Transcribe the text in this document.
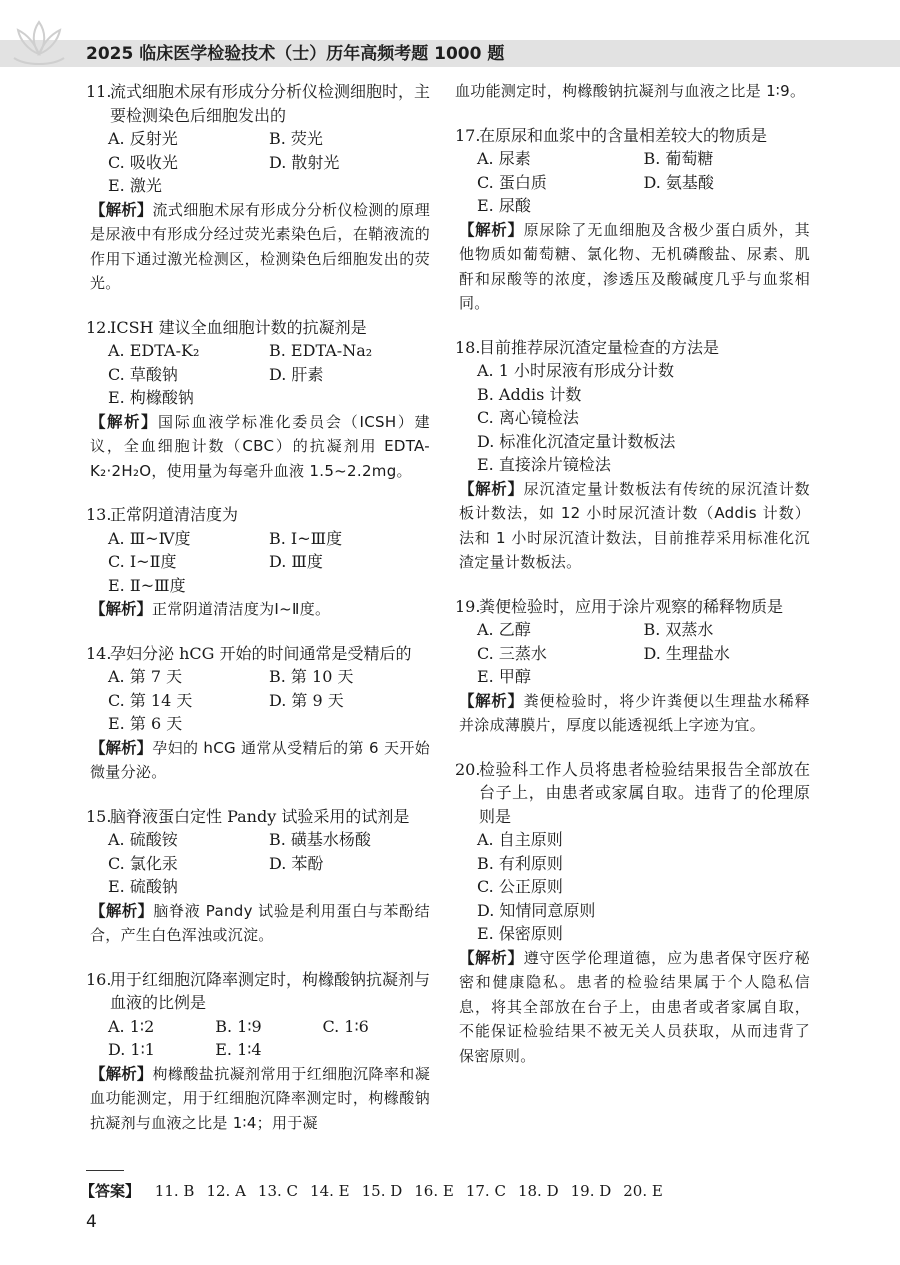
2025 临床医学检验技术（士）历年高频考题 1000 题
11.
流式细胞术尿有形成分分析仪检测细胞时，主要检测染色后细胞发出的
A. 反射光	B. 荧光
C. 吸收光	D. 散射光
E. 激光
【解析】流式细胞术尿有形成分分析仪检测的原理是尿液中有形成分经过荧光素染色后，在鞘液流的作用下通过激光检测区，检测染色后细胞发出的荧光。
12.
ICSH 建议全血细胞计数的抗凝剂是
A. EDTA-K₂	B. EDTA-Na₂
C. 草酸钠	D. 肝素
E. 枸橼酸钠
【解析】国际血液学标准化委员会（ICSH）建议，全血细胞计数（CBC）的抗凝剂用 EDTA-K₂·2H₂O，使用量为每毫升血液 1.5~2.2mg。
13.
正常阴道清洁度为
A. Ⅲ~Ⅳ度	B. Ⅰ~Ⅲ度
C. Ⅰ~Ⅱ度	D. Ⅲ度
E. Ⅱ~Ⅲ度
【解析】正常阴道清洁度为Ⅰ~Ⅱ度。
14.
孕妇分泌 hCG 开始的时间通常是受精后的
A. 第 7 天	B. 第 10 天
C. 第 14 天	D. 第 9 天
E. 第 6 天
【解析】孕妇的 hCG 通常从受精后的第 6 天开始微量分泌。
15.
脑脊液蛋白定性 Pandy 试验采用的试剂是
A. 硫酸铵	B. 磺基水杨酸
C. 氯化汞	D. 苯酚
E. 硫酸钠
【解析】脑脊液 Pandy 试验是利用蛋白与苯酚结合，产生白色浑浊或沉淀。
16.
用于红细胞沉降率测定时，枸橼酸钠抗凝剂与血液的比例是
A. 1∶2	B. 1∶9	C. 1∶6
D. 1∶1	E. 1∶4
【解析】枸橼酸盐抗凝剂常用于红细胞沉降率和凝血功能测定，用于红细胞沉降率测定时，枸橼酸钠抗凝剂与血液之比是 1∶4；用于凝
血功能测定时，枸橼酸钠抗凝剂与血液之比是 1∶9。
17.
在原尿和血浆中的含量相差较大的物质是
A. 尿素	B. 葡萄糖
C. 蛋白质	D. 氨基酸
E. 尿酸
【解析】原尿除了无血细胞及含极少蛋白质外，其他物质如葡萄糖、氯化物、无机磷酸盐、尿素、肌酐和尿酸等的浓度，渗透压及酸碱度几乎与血浆相同。
18.
目前推荐尿沉渣定量检查的方法是
A. 1 小时尿液有形成分计数
B. Addis 计数
C. 离心镜检法
D. 标准化沉渣定量计数板法
E. 直接涂片镜检法
【解析】尿沉渣定量计数板法有传统的尿沉渣计数板计数法，如 12 小时尿沉渣计数（Addis 计数）法和 1 小时尿沉渣计数法，目前推荐采用标准化沉渣定量计数板法。
19.
粪便检验时，应用于涂片观察的稀释物质是
A. 乙醇	B. 双蒸水
C. 三蒸水	D. 生理盐水
E. 甲醇
【解析】粪便检验时，将少许粪便以生理盐水稀释并涂成薄膜片，厚度以能透视纸上字迹为宜。
20.
检验科工作人员将患者检验结果报告全部放在台子上，由患者或家属自取。违背了的伦理原则是
A. 自主原则
B. 有利原则
C. 公正原则
D. 知情同意原则
E. 保密原则
【解析】遵守医学伦理道德，应为患者保守医疗秘密和健康隐私。患者的检验结果属于个人隐私信息，将其全部放在台子上，由患者或者家属自取，不能保证检验结果不被无关人员获取，从而违背了保密原则。
【答案】 11. B 12. A 13. C 14. E 15. D 16. E 17. C 18. D 19. D 20. E
4
